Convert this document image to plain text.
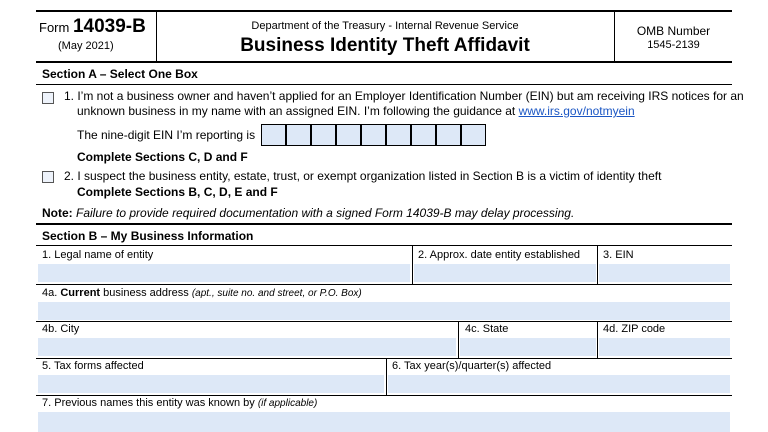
Form 14039-B
(May 2021)
Department of the Treasury - Internal Revenue Service
Business Identity Theft Affidavit
OMB Number
1545-2139
Section A – Select One Box
1. I’m not a business owner and haven’t applied for an Employer Identification Number (EIN) but am receiving IRS notices for an
unknown business in my name with an assigned EIN. I’m following the guidance at www.irs.gov/notmyein
The nine-digit EIN I’m reporting is
Complete Sections C, D and F
2. I suspect the business entity, estate, trust, or exempt organization listed in Section B is a victim of identity theft
Complete Sections B, C, D, E and F
Note: Failure to provide required documentation with a signed Form 14039-B may delay processing.
Section B – My Business Information
1. Legal name of entity	2. Approx. date entity established 3. EIN
4a. Current business address (apt., suite no. and street, or P.O. Box)
4b. City	4c. State	4d. ZIP code
5. Tax forms affected	6. Tax year(s)/quarter(s) affected
7. Previous names this entity was known by (if applicable)
